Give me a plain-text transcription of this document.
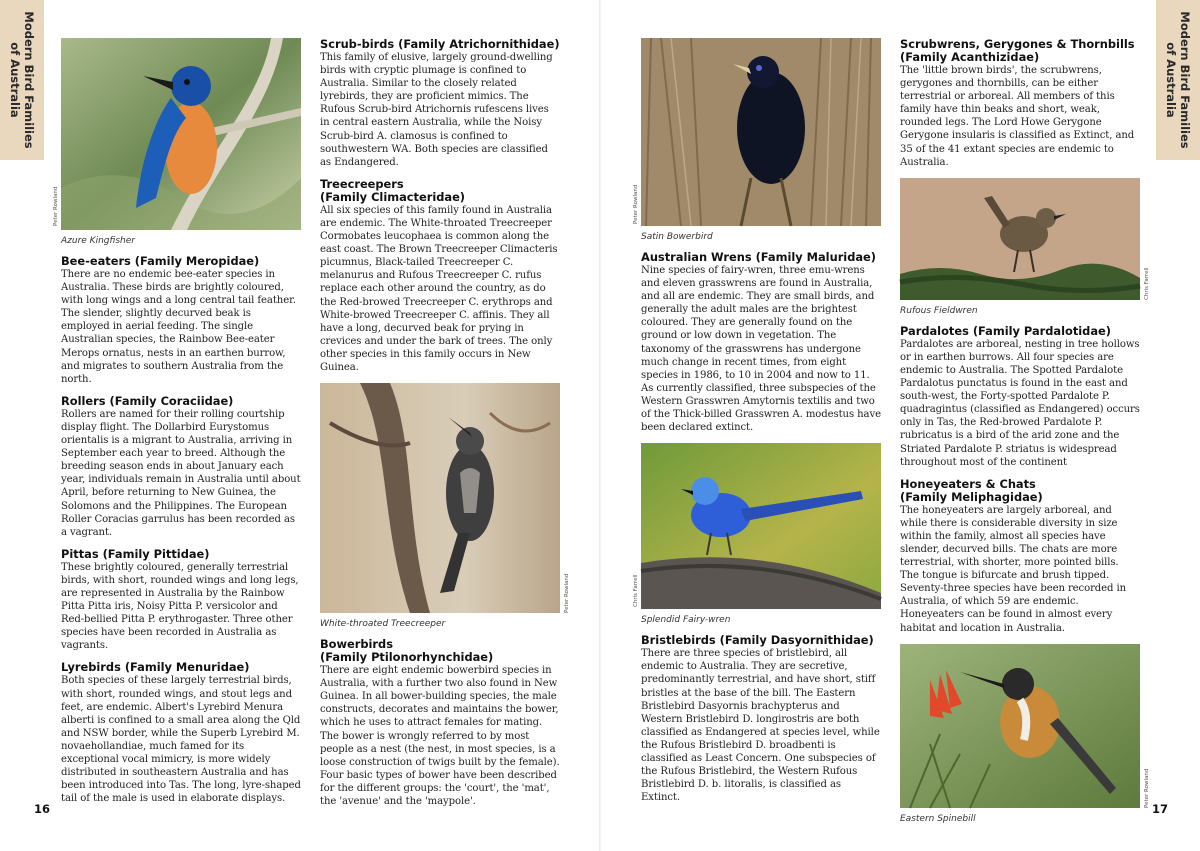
Modern Bird Families of Australia	Modern Bird Families of Australia
Peter Rowland
Azure Kingfisher
Bee-eaters (Family Meropidae)

There are no endemic bee-eater species in Australia. These birds are brightly coloured, with long wings and a long central tail feather. The slender, slightly decurved beak is employed in aerial feeding. The single Australian species, the Rainbow Bee-eater Merops ornatus, nests in an earthen burrow, and migrates to southern Australia from the north.

Rollers (Family Coraciidae)

Rollers are named for their rolling courtship display flight. The Dollarbird Eurystomus orientalis is a migrant to Australia, arriving in September each year to breed. Although the breeding season ends in about January each year, individuals remain in Australia until about April, before returning to New Guinea, the Solomons and the Philippines. The European Roller Coracias garrulus has been recorded as a vagrant.

Pittas (Family Pittidae)

These brightly coloured, generally terrestrial birds, with short, rounded wings and long legs, are represented in Australia by the Rainbow Pitta Pitta iris, Noisy Pitta P. versicolor and Red-bellied Pitta P. erythrogaster. Three other species have been recorded in Australia as vagrants.

Lyrebirds (Family Menuridae)

Both species of these largely terrestrial birds, with short, rounded wings, and stout legs and feet, are endemic. Albert's Lyrebird Menura alberti is confined to a small area along the Qld and NSW border, while the Superb Lyrebird M. novaehollandiae, much famed for its exceptional vocal mimicry, is more widely distributed in southeastern Australia and has been introduced into Tas. The long, lyre-shaped tail of the male is used in elaborate displays.

Scrub-birds (Family Atrichornithidae)

This family of elusive, largely ground-dwelling birds with cryptic plumage is confined to Australia. Similar to the closely related lyrebirds, they are proficient mimics. The Rufous Scrub-bird Atrichornis rufescens lives in central eastern Australia, while the Noisy Scrub-bird A. clamosus is confined to southwestern WA. Both species are classified as Endangered.

Treecreepers
(Family Climacteridae)

All six species of this family found in Australia are endemic. The White-throated Treecreeper Cormobates leucophaea is common along the east coast. The Brown Treecreeper Climacteris picumnus, Black-tailed Treecreeper C. melanurus and Rufous Treecreeper C. rufus replace each other around the country, as do the Red-browed Treecreeper C. erythrops and White-browed Treecreeper C. affinis. They all have a long, decurved beak for prying in crevices and under the bark of trees. The only other species in this family occurs in New Guinea.

Peter Rowland
White-throated Treecreeper
Bowerbirds
(Family Ptilonorhynchidae)

There are eight endemic bowerbird species in Australia, with a further two also found in New Guinea. In all bower-building species, the male constructs, decorates and maintains the bower, which he uses to attract females for mating. The bower is wrongly referred to by most people as a nest (the nest, in most species, is a loose construction of twigs built by the female). Four basic types of bower have been described for the different groups: the 'court', the 'mat', the 'avenue' and the 'maypole'.

Peter Rowland
Satin Bowerbird
Australian Wrens (Family Maluridae)

Nine species of fairy-wren, three emu-wrens and eleven grasswrens are found in Australia, and all are endemic. They are small birds, and generally the adult males are the brightest coloured. They are generally found on the ground or low down in vegetation. The taxonomy of the grasswrens has undergone much change in recent times, from eight species in 1986, to 10 in 2004 and now to 11. As currently classified, three subspecies of the Western Grasswren Amytornis textilis and two of the Thick-billed Grasswren A. modestus have been declared extinct.

Chris Farrell
Splendid Fairy-wren
Bristlebirds (Family Dasyornithidae)

There are three species of bristlebird, all endemic to Australia. They are secretive, predominantly terrestrial, and have short, stiff bristles at the base of the bill. The Eastern Bristlebird Dasyornis brachypterus and Western Bristlebird D. longirostris are both classified as Endangered at species level, while the Rufous Bristlebird D. broadbenti is classified as Least Concern. One subspecies of the Rufous Bristlebird, the Western Rufous Bristlebird D. b. litoralis, is classified as Extinct.

Scrubwrens, Gerygones & Thornbills
(Family Acanthizidae)

The 'little brown birds', the scrubwrens, gerygones and thornbills, can be either terrestrial or arboreal. All members of this family have thin beaks and short, weak, rounded legs. The Lord Howe Gerygone Gerygone insularis is classified as Extinct, and 35 of the 41 extant species are endemic to Australia.

Chris Farrell
Rufous Fieldwren
Pardalotes (Family Pardalotidae)

Pardalotes are arboreal, nesting in tree hollows or in earthen burrows. All four species are endemic to Australia. The Spotted Pardalote Pardalotus punctatus is found in the east and south-west, the Forty-spotted Pardalote P. quadragintus (classified as Endangered) occurs only in Tas, the Red-browed Pardalote P. rubricatus is a bird of the arid zone and the Striated Pardalote P. striatus is widespread throughout most of the continent

Honeyeaters & Chats
(Family Meliphagidae)

The honeyeaters are largely arboreal, and while there is considerable diversity in size within the family, almost all species have slender, decurved bills. The chats are more terrestrial, with shorter, more pointed bills. The tongue is bifurcate and brush tipped. Seventy-three species have been recorded in Australia, of which 59 are endemic. Honeyeaters can be found in almost every habitat and location in Australia.

Peter Rowland
Eastern Spinebill
16	17
